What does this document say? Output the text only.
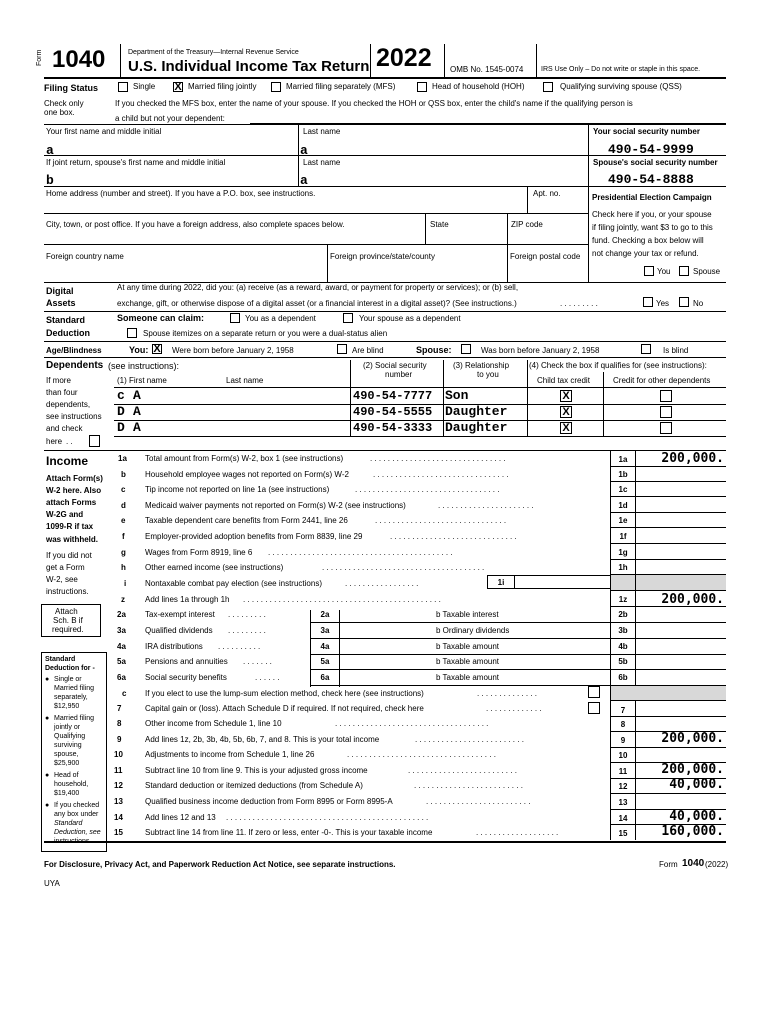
Form 1040	Department of the Treasury—Internal Revenue Service
U.S. Individual Income Tax Return 2022 OMB No. 1545-0074	IRS Use Only – Do not write or staple in this space.
Filing Status
Check only
one box.
Single X Married filing jointly	Married filing separately (MFS)	Head of household (HOH)	Qualifying surviving spouse (QSS)
If you checked the MFS box, enter the name of your spouse. If you checked the HOH or QSS box, enter the child's name if the qualifying person is
a child but not your dependent:
Your first name and middle initial
a
Last name
a
Your social security number
490-54-9999
If joint return, spouse's first name and middle initial
b
Last name
a
Spouse's social security number
490-54-8888
Home address (number and street). If you have a P.O. box, see instructions.	Apt. no.
City, town, or post office. If you have a foreign address, also complete spaces below.	State	ZIP code
Foreign country name	Foreign province/state/county	Foreign postal code
Presidential Election Campaign
Check here if you, or your spouse
if filing jointly, want $3 to go to this
fund. Checking a box below will
not change your tax or refund.
You	Spouse
Digital
Assets
At any time during 2022, did you: (a) receive (as a reward, award, or payment for property or services); or (b) sell,
exchange, gift, or otherwise dispose of a digital asset (or a financial interest in a digital asset)? (See instructions.)	. . . . . . . . .	Yes	No
Standard
Deduction
Someone can claim:	You as a dependent	Your spouse as a dependent
Spouse itemizes on a separate return or you were a dual-status alien
Age/Blindness	You: X Were born before January 2, 1958	Are blind	Spouse:	Was born before January 2, 1958	Is blind
Dependents (see instructions):
If more
than four
dependents,
see instructions
and check
here . .
(1) First name	Last name
(2) Social security
number
(3) Relationship
to you
(4) Check the box if qualifies for (see instructions):
Child tax credit	Credit for other dependents
c A	490-54-7777 Son	X
D A	490-54-5555 Daughter	X
D A	490-54-3333 Daughter	X
Income
Attach Form(s)
W-2 here. Also
attach Forms
W-2G and
1099-R if tax
was withheld.
If you did not
get a Form
W-2, see
instructions.
Attach
Sch. B if
required.
Standard
Deduction for -
● Single or
Married filing
separately,
$12,950
● Married filing
jointly or
Qualifying
surviving
spouse,
$25,900
● Head of
household,
$19,400
● If you checked
any box under
Standard
Deduction, see
instructions.
1a Total amount from Form(s) W-2, box 1 (see instructions)	1a	200,000.
b Household employee wages not reported on Form(s) W-2	1b
c Tip income not reported on line 1a (see instructions)	1c
d Medicaid waiver payments not reported on Form(s) W-2 (see instructions)	1d
e Taxable dependent care benefits from Form 2441, line 26	1e
f	Employer-provided adoption benefits from Form 8839, line 29	1f
g Wages from Form 8919, line 6	1g
h Other earned income (see instructions)	1h
i Nontaxable combat pay election (see instructions)	1i
z	Add lines 1a through 1h	1z	200,000.
2a Tax-exempt interest	2a	b Taxable interest	2b
3a Qualified dividends	3a	b Ordinary dividends	3b
4a IRA distributions	4a	b Taxable amount	4b
5a Pensions and annuities	5a	b Taxable amount	5b
6a Social security benefits	6a	b Taxable amount	6b
c If you elect to use the lump-sum election method, check here (see instructions)
7	Capital gain or (loss). Attach Schedule D if required. If not required, check here	7
8	Other income from Schedule 1, line 10	8
9	Add lines 1z, 2b, 3b, 4b, 5b, 6b, 7, and 8. This is your total income	9	200,000.
10	Adjustments to income from Schedule 1, line 26	10
11	Subtract line 10 from line 9. This is your adjusted gross income	11	200,000.
12	Standard deduction or itemized deductions (from Schedule A)	12	40,000.
13	Qualified business income deduction from Form 8995 or Form 8995-A	13
14	Add lines 12 and 13	14	40,000.
15	Subtract line 14 from line 11. If zero or less, enter -0-. This is your taxable income	15	160,000.
. . . . . . . . . . . . . . . . . . . . . . . . . . . . . . .
. . . . . . . . . . . . . . . . . . . . . . . . . . . . . . .
. . . . . . . . . . . . . . . . . . . . . . . . . . . . . . . . .
. . . . . . . . . . . . . . . . . . . . . .
. . . . . . . . . . . . . . . . . . . . . . . . . . . . . .
. . . . . . . . . . . . . . . . . . . . . . . . . . . . .
. . . . . . . . . . . . . . . . . . . . . . . . . . . . . . . . . . . . . . . . . .
. . . . . . . . . . . . . . . . . . . . . . . . . . . . . . . . . . . . .
. . . . . . . . . . . . . . . . .
. . . . . . . . . . . . . . . . . . . . . . . . . . . . . . . . . . . . . . . . . . . . .
. . . . . . . . .
. . . . . . . . .
. . . . . . . . . .
. . . . . . .
. . . . . .
. . . . . . . . . . . . . .
. . . . . . . . . . . . .
. . . . . . . . . . . . . . . . . . . . . . . . . . . . . . . . . . .
. . . . . . . . . . . . . . . . . . . . . . . . .
. . . . . . . . . . . . . . . . . . . . . . . . . . . . . . . . . .
. . . . . . . . . . . . . . . . . . . . . . . . .
. . . . . . . . . . . . . . . . . . . . . . . . .
. . . . . . . . . . . . . . . . . . . . . . . .
. . . . . . . . . . . . . . . . . . . . . . . . . . . . . . . . . . . . . . . . . . . . . .
. . . . . . . . . . . . . . . . . . .
For Disclosure, Privacy Act, and Paperwork Reduction Act Notice, see separate instructions.	Form 1040 (2022)
UYA
